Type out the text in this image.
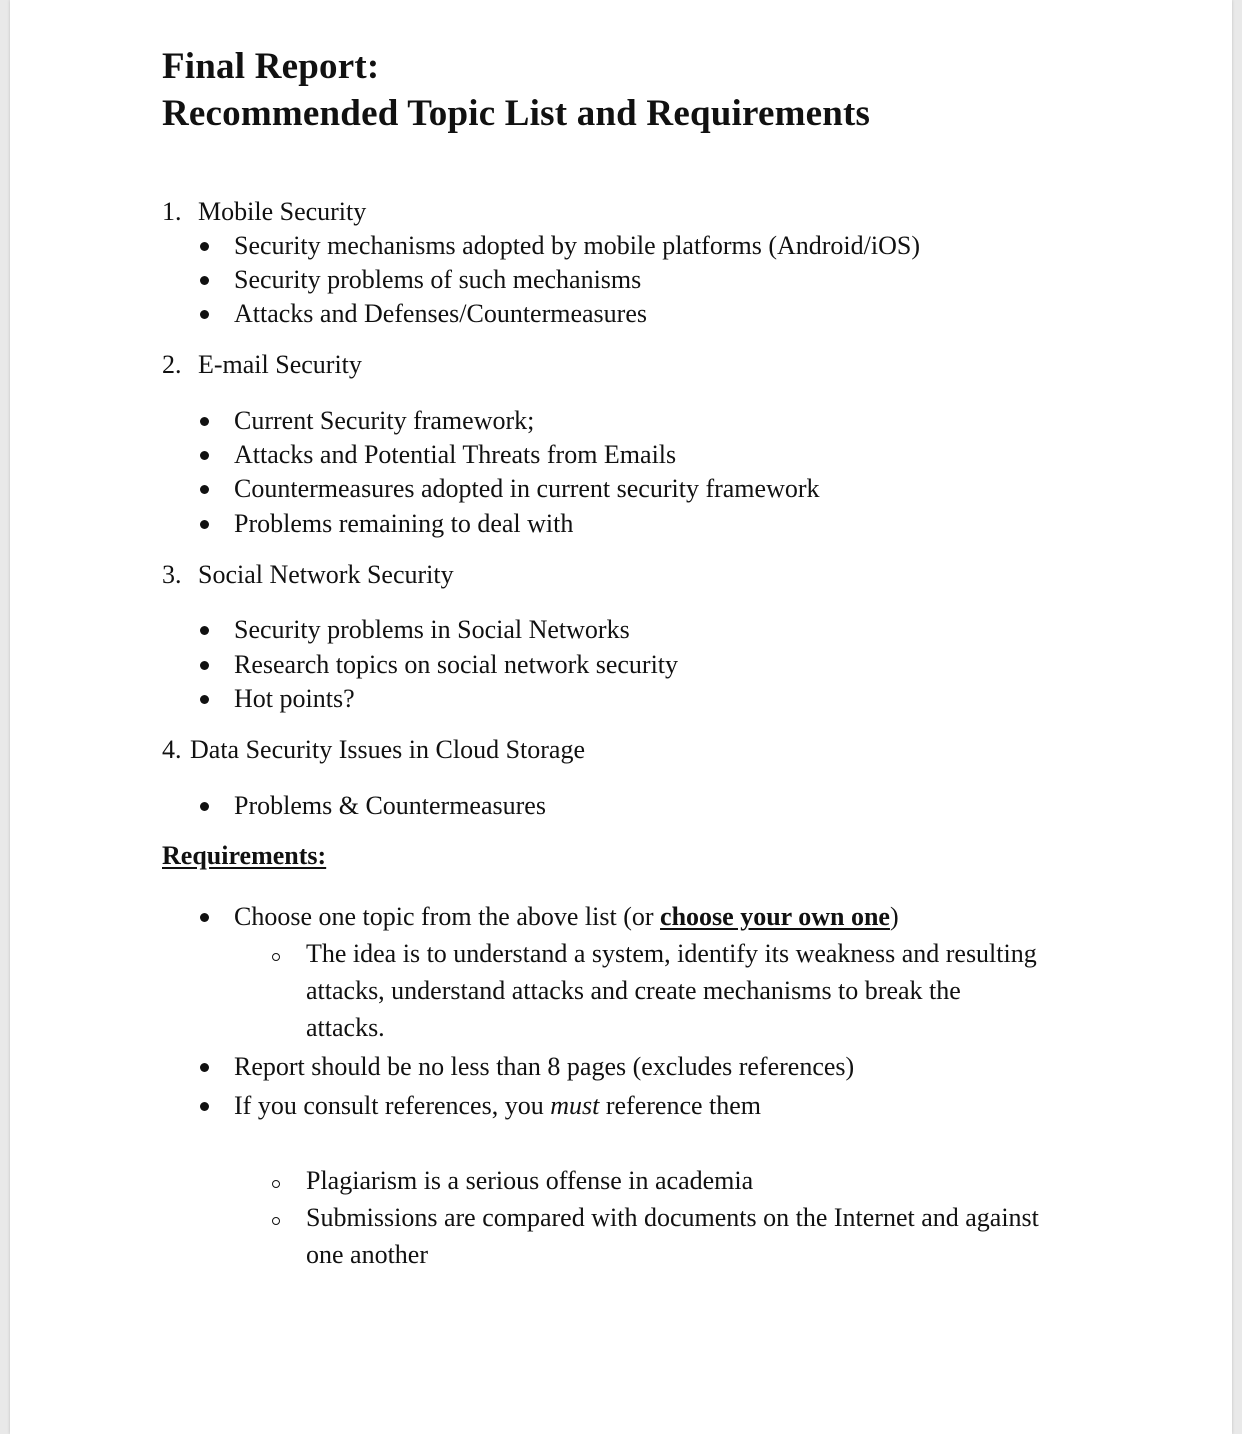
Final Report:
Recommended Topic List and Requirements
1. Mobile Security
Security mechanisms adopted by mobile platforms (Android/iOS)
Security problems of such mechanisms
Attacks and Defenses/Countermeasures
2. E-mail Security
Current Security framework;
Attacks and Potential Threats from Emails
Countermeasures adopted in current security framework
Problems remaining to deal with
3. Social Network Security
Security problems in Social Networks
Research topics on social network security
Hot points?
4. Data Security Issues in Cloud Storage
Problems & Countermeasures
Requirements:
Choose one topic from the above list (or choose your own one)
The idea is to understand a system, identify its weakness and resulting
attacks, understand attacks and create mechanisms to break the
attacks.
Report should be no less than 8 pages (excludes references)
If you consult references, you must reference them
Plagiarism is a serious offense in academia
Submissions are compared with documents on the Internet and against
one another
